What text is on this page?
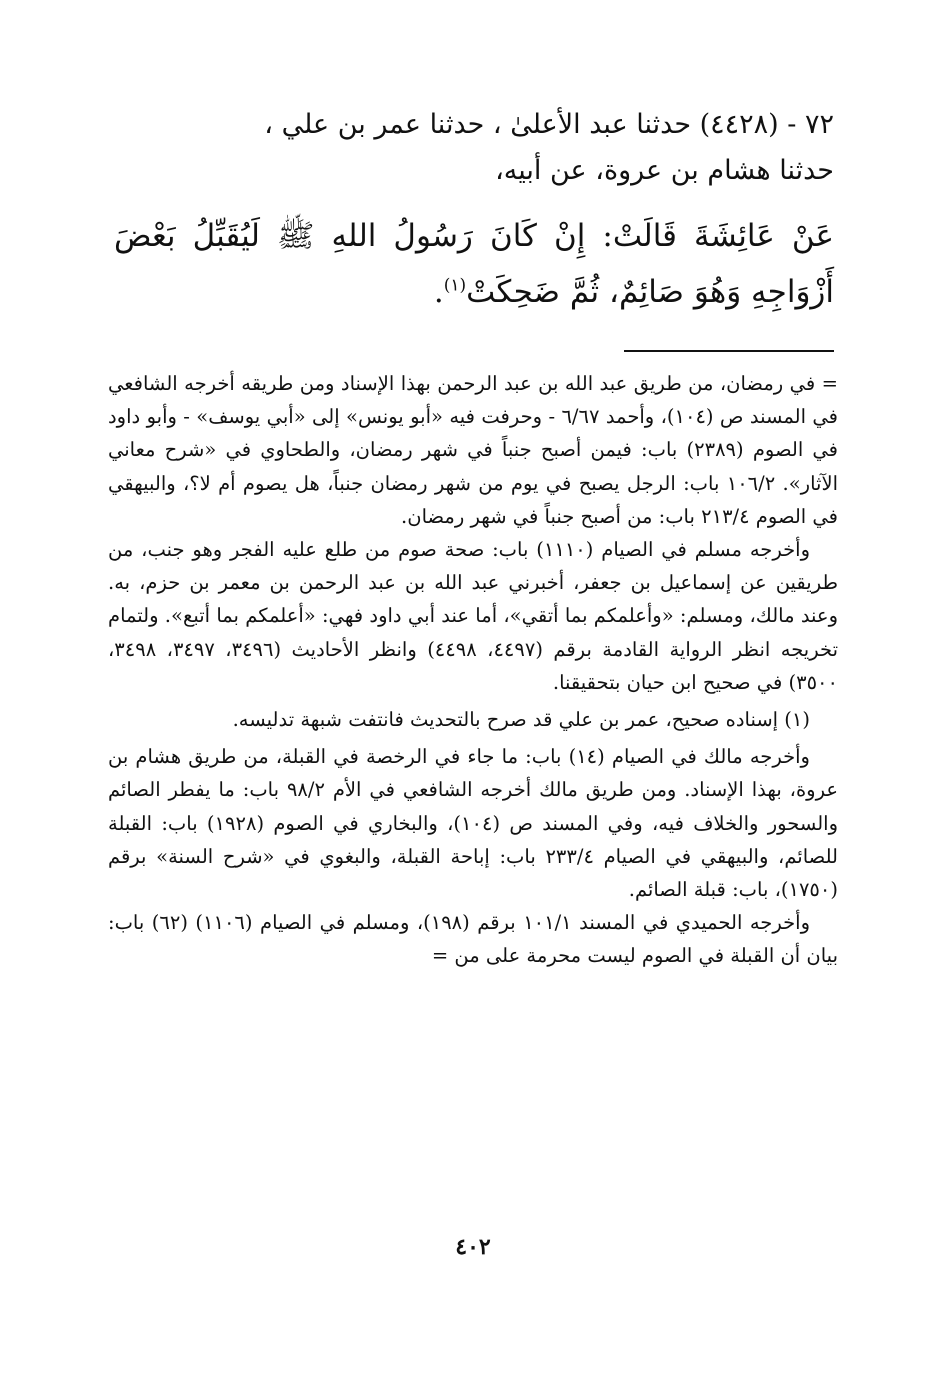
٧٢ - (٤٤٢٨) حدثنا عبد الأعلىٰ ، حدثنا عمر بن علي ،

حدثنا هشام بن عروة، عن أبيه،

عَنْ عَائِشَةَ قَالَتْ: إِنْ كَانَ رَسُولُ اللهِ ﷺ لَيُقَبِّلُ بَعْضَ أَزْوَاجِهِ وَهُوَ صَائِمٌ، ثُمَّ ضَحِكَتْ$^{(١)}$.

= في رمضان، من طريق عبد الله بن عبد الرحمن بهذا الإسناد ومن طريقه أخرجه الشافعي في المسند ص (١٠٤)، وأحمد ٦/٦٧ - وحرفت فيه «أبو يونس» إلى «أبي يوسف» - وأبو داود في الصوم (٢٣٨٩) باب: فيمن أصبح جنباً في شهر رمضان، والطحاوي في «شرح معاني الآثار». ١٠٦/٢ باب: الرجل يصبح في يوم من شهر رمضان جنباً، هل يصوم أم لا؟، والبيهقي في الصوم ٢١٣/٤ باب: من أصبح جنباً في شهر رمضان.

وأخرجه مسلم في الصيام (١١١٠) باب: صحة صوم من طلع عليه الفجر وهو جنب، من طريقين عن إسماعيل بن جعفر، أخبرني عبد الله بن عبد الرحمن بن معمر بن حزم، به. وعند مالك، ومسلم: «وأعلمكم بما أتقي»، أما عند أبي داود فهي: «أعلمكم بما أتبع». ولتمام تخريجه انظر الرواية القادمة برقم (٤٤٩٧، ٤٤٩٨) وانظر الأحاديث (٣٤٩٦، ٣٤٩٧، ٣٤٩٨، ٣٥٠٠) في صحيح ابن حيان بتحقيقنا.

(١) إسناده صحيح، عمر بن علي قد صرح بالتحديث فانتفت شبهة تدليسه.

وأخرجه مالك في الصيام (١٤) باب: ما جاء في الرخصة في القبلة، من طريق هشام بن عروة، بهذا الإسناد. ومن طريق مالك أخرجه الشافعي في الأم ٩٨/٢ باب: ما يفطر الصائم والسحور والخلاف فيه، وفي المسند ص (١٠٤)، والبخاري في الصوم (١٩٢٨) باب: القبلة للصائم، والبيهقي في الصيام ٢٣٣/٤ باب: إباحة القبلة، والبغوي في «شرح السنة» برقم (١٧٥٠)، باب: قبلة الصائم.

وأخرجه الحميدي في المسند ١٠١/١ برقم (١٩٨)، ومسلم في الصيام (١١٠٦) (٦٢) باب: بيان أن القبلة في الصوم ليست محرمة على من =

٤٠٢
